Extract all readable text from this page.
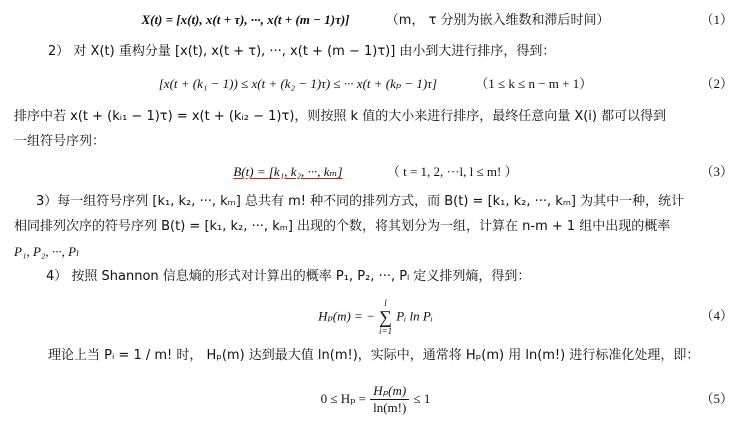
X(t) = [x(t), x(t + τ), ···, x(t + (m − 1)τ)]	（m， τ 分别为嵌入维数和滞后时间）	（1）
2） 对 X(t) 重构分量 [x(t), x(t + τ), ···, x(t + (m − 1)τ)] 由小到大进行排序，得到：
[x(t + (k₁ − 1)) ≤ x(t + (k₂ − 1)τ) ≤ ··· x(t + (kₚ − 1)τ]	（1 ≤ k ≤ n − m + 1）	（2）
排序中若 x(t + (kᵢ₁ − 1)τ) = x(t + (kᵢ₂ − 1)τ)，则按照 k 值的大小来进行排序，最终任意向量 X(i) 都可以得到
一组符号序列：
B(t) = [k₁, k₂, ···, kₘ]	（ t = 1, 2, ···l, l ≤ m! ）	（3）
3）每一组符号序列 [k₁, k₂, ···, kₘ] 总共有 m! 种不同的排列方式，而 B(t) = [k₁, k₂, ···, kₘ] 为其中一种，统计
相同排列次序的符号序列 B(t) = [k₁, k₂, ···, kₘ] 出现的个数，将其划分为一组，计算在 n-m + 1 组中出现的概率
P₁, P₂, ···, Pₗ
4） 按照 Shannon 信息熵的形式对计算出的概率 P₁, P₂, ···, Pₗ 定义排列熵，得到：
Hₚ(m) = −
l
∑
i=1
Pᵢ ln Pᵢ	（4）
理论上当 Pᵢ = 1 / m! 时， Hₚ(m) 达到最大值 ln(m!)，实际中，通常将 Hₚ(m) 用 ln(m!) 进行标准化处理，即：
$0 \le H_p = \frac{\text{Hₚ(m)}}{\ln(m!)} \le 1$	（5）
